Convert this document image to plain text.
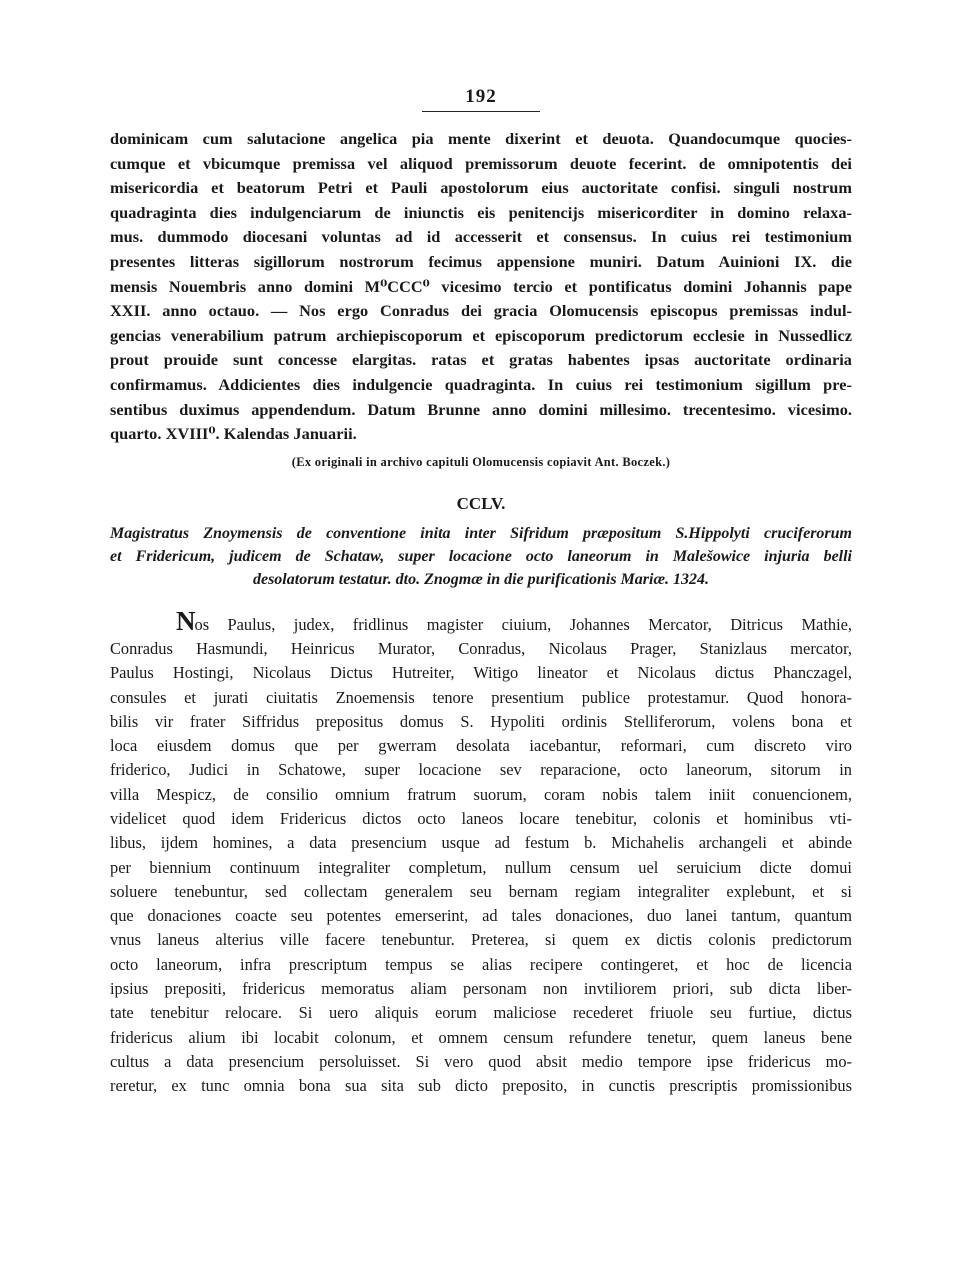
192
dominicam cum salutacione angelica pia mente dixerint et deuota. Quandocumque quocies-
cumque et vbicumque premissa vel aliquod premissorum deuote fecerint. de omnipotentis dei
misericordia et beatorum Petri et Pauli apostolorum eius auctoritate confisi. singuli nostrum
quadraginta dies indulgenciarum de iniunctis eis penitencijs misericorditer in domino relaxa-
mus. dummodo diocesani voluntas ad id accesserit et consensus. In cuius rei testimonium
presentes litteras sigillorum nostrorum fecimus appensione muniri. Datum Auinioni IX. die
mensis Nouembris anno domini M⁰CCC⁰ vicesimo tercio et pontificatus domini Johannis pape
XXII. anno octauo. — Nos ergo Conradus dei gracia Olomucensis episcopus premissas indul-
gencias venerabilium patrum archiepiscoporum et episcoporum predictorum ecclesie in Nussedlicz
prout prouide sunt concesse elargitas. ratas et gratas habentes ipsas auctoritate ordinaria
confirmamus. Addicientes dies indulgencie quadraginta. In cuius rei testimonium sigillum pre-
sentibus duximus appendendum. Datum Brunne anno domini millesimo. trecentesimo. vicesimo.
quarto. XVIII⁰. Kalendas Januarii.
(Ex originali in archivo capituli Olomucensis copiavit Ant. Boczek.)
CCLV.
Magistratus Znoymensis de conventione inita inter Sifridum præpositum S.Hippolyti cruciferorum
et Fridericum, judicem de Schataw, super locacione octo laneorum in Malešowice injuria belli
desolatorum testatur. dto. Znogmæ in die purificationis Mariæ. 1324.
N os Paulus, judex, fridlinus magister ciuium, Johannes Mercator, Ditricus Mathie,
Conradus Hasmundi, Heinricus Murator, Conradus, Nicolaus Prager, Stanizlaus mercator,
Paulus Hostingi, Nicolaus Dictus Hutreiter, Witigo lineator et Nicolaus dictus Phanczagel,
consules et jurati ciuitatis Znoemensis tenore presentium publice protestamur. Quod honora-
bilis vir frater Siffridus prepositus domus S. Hypoliti ordinis Stelliferorum, volens bona et
loca eiusdem domus que per gwerram desolata iacebantur, reformari, cum discreto viro
friderico, Judici in Schatowe, super locacione sev reparacione, octo laneorum, sitorum in
villa Mespicz, de consilio omnium fratrum suorum, coram nobis talem iniit conuencionem,
videlicet quod idem Fridericus dictos octo laneos locare tenebitur, colonis et hominibus vti-
libus, ijdem homines, a data presencium usque ad festum b. Michahelis archangeli et abinde
per biennium continuum integraliter completum, nullum censum uel seruicium dicte domui
soluere tenebuntur, sed collectam generalem seu bernam regiam integraliter explebunt, et si
que donaciones coacte seu potentes emerserint, ad tales donaciones, duo lanei tantum, quantum
vnus laneus alterius ville facere tenebuntur. Preterea, si quem ex dictis colonis predictorum
octo laneorum, infra prescriptum tempus se alias recipere contingeret, et hoc de licencia
ipsius prepositi, fridericus memoratus aliam personam non invtiliorem priori, sub dicta liber-
tate tenebitur relocare. Si uero aliquis eorum maliciose recederet friuole seu furtiue, dictus
fridericus alium ibi locabit colonum, et omnem censum refundere tenetur, quem laneus bene
cultus a data presencium persoluisset. Si vero quod absit medio tempore ipse fridericus mo-
reretur, ex tunc omnia bona sua sita sub dicto preposito, in cunctis prescriptis promissionibus
